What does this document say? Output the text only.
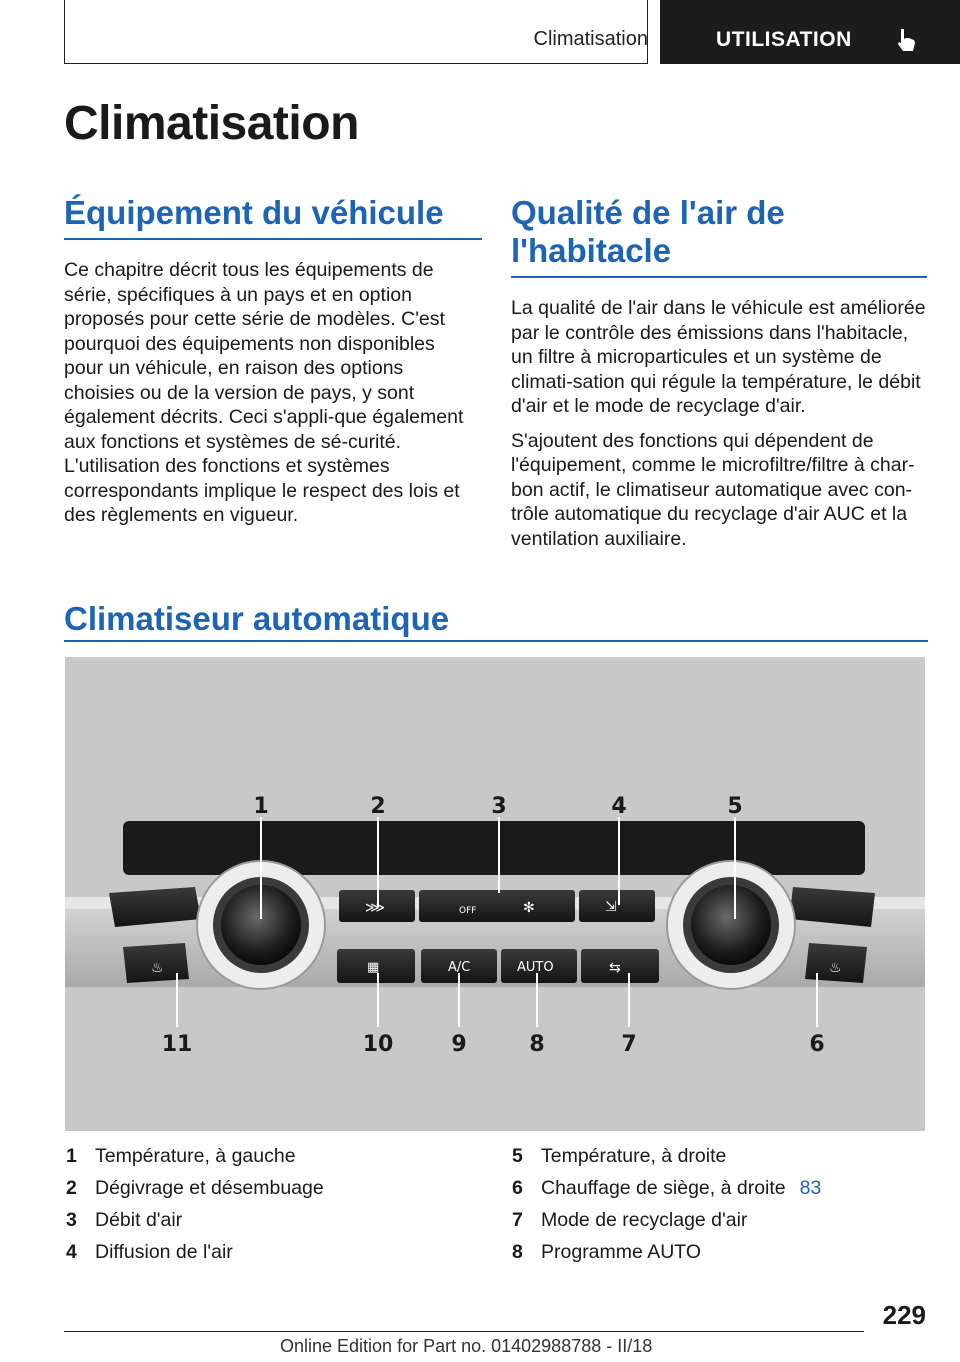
Climatisation	UTILISATION
Climatisation
Équipement du véhicule

Ce chapitre décrit tous les équipements de série, spécifiques à un pays et en option proposés pour cette série de modèles. C'est pourquoi des équipements non disponibles pour un véhicule, en raison des options choisies ou de la version de pays, y sont également décrits. Ceci s'appli-que également aux fonctions et systèmes de sé-curité. L'utilisation des fonctions et systèmes correspondants implique le respect des lois et des règlements en vigueur.

Qualité de l'air de l'habitacle

La qualité de l'air dans le véhicule est améliorée par le contrôle des émissions dans l'habitacle, un filtre à microparticules et un système de climati-sation qui régule la température, le débit d'air et le mode de recyclage d'air.

S'ajoutent des fonctions qui dépendent de l'équipement, comme le microfiltre/filtre à char-bon actif, le climatiseur automatique avec con-trôle automatique du recyclage d'air AUC et la ventilation auxiliaire.

Climatiseur automatique
OFF	✻
⋙	⇲
▦	A/C	AUTO	⇆
♨	♨
1	2	3	4	5
6
7
8
9
10
11
1 Température, à gauche
2 Dégivrage et désembuage
3 Débit d'air
4 Diffusion de l'air
5 Température, à droite
6 Chauffage de siège, à droite 83
7 Mode de recyclage d'air
8 Programme AUTO
229
Online Edition for Part no. 01402988788 - II/18
